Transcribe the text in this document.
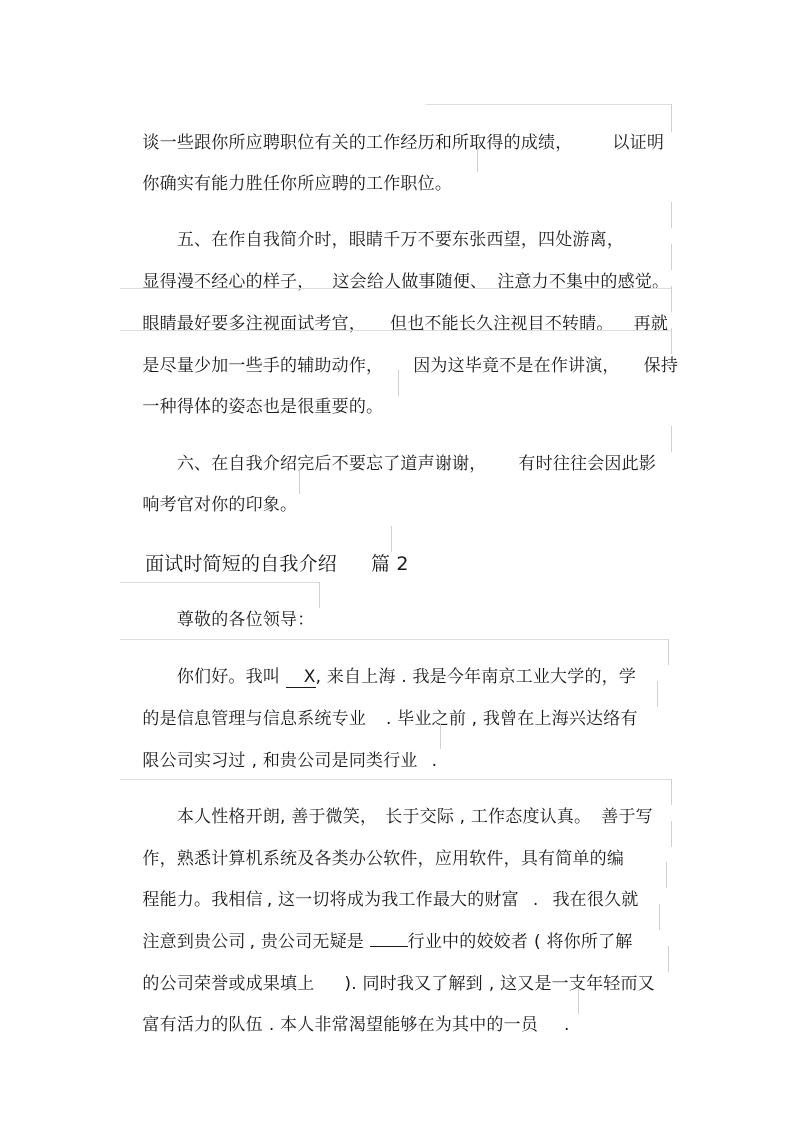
谈一些跟你所应聘职位有关的工作经历和所取得的成绩， 以证明

你确实有能力胜任你所应聘的工作职位。

　　五、在作自我简介时，眼睛千万不要东张西望，四处游离，

显得漫不经心的样子， 这会给人做事随便、 注意力不集中的感觉。

眼睛最好要多注视面试考官， 但也不能长久注视目不转睛。 再就

是尽量少加一些手的辅助动作， 因为这毕竟不是在作讲演， 保持

一种得体的姿态也是很重要的。

　　六、在自我介绍完后不要忘了道声谢谢， 有时往往会因此影

响考官对你的印象。

面试时简短的自我介绍 篇 2

　　尊敬的各位领导：

　　你们好。我叫 X, 来自上海 . 我是今年南京工业大学的，学

的是信息管理与信息系统专业 . 毕业之前 , 我曾在上海兴达络有

限公司实习过 , 和贵公司是同类行业 .

　　本人性格开朗, 善于微笑， 长于交际 , 工作态度认真。 善于写

作，熟悉计算机系统及各类办公软件，应用软件，具有简单的编

程能力。我相信 , 这一切将成为我工作最大的财富 . 我在很久就

注意到贵公司 , 贵公司无疑是 行业中的姣姣者 ( 将你所了解

的公司荣誉或成果填上 ). 同时我又了解到 , 这又是一支年轻而又

富有活力的队伍 . 本人非常渴望能够在为其中的一员 .
